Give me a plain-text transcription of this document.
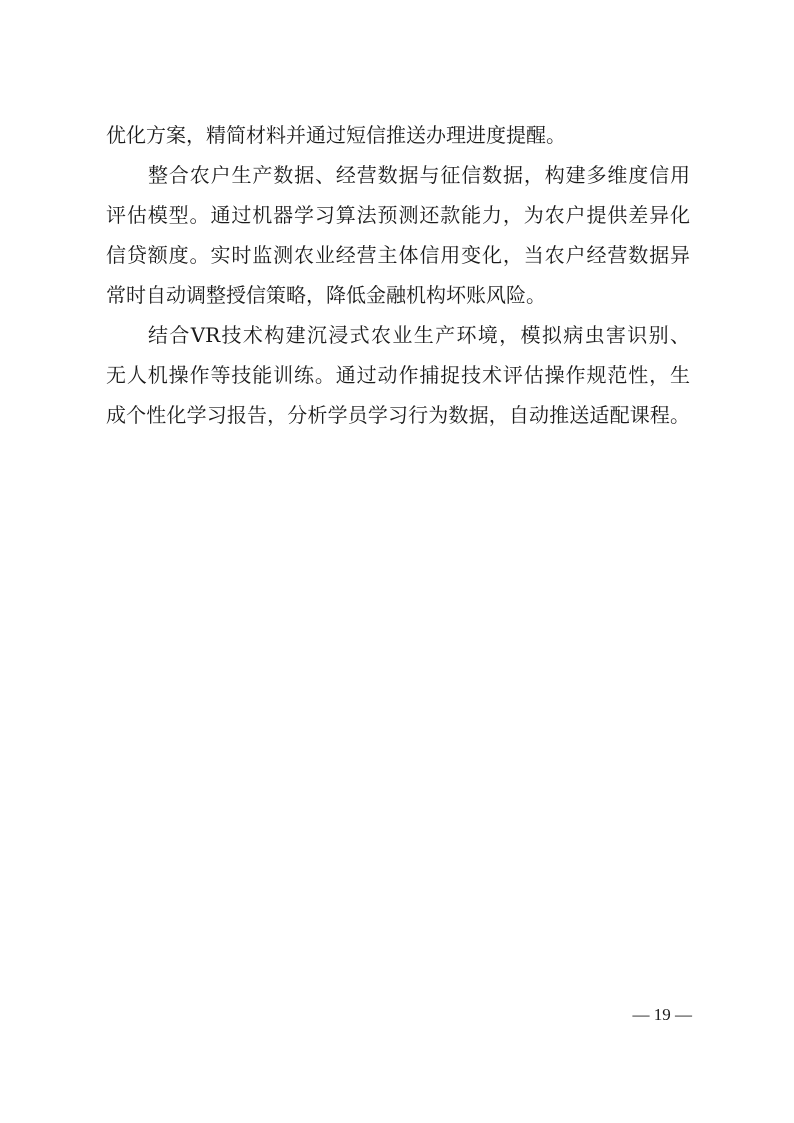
优化方案，精简材料并通过短信推送办理进度提醒。
整合农户生产数据、经营数据与征信数据，构建多维度信用
评估模型。通过机器学习算法预测还款能力，为农户提供差异化
信贷额度。实时监测农业经营主体信用变化，当农户经营数据异
常时自动调整授信策略，降低金融机构坏账风险。
结合VR技术构建沉浸式农业生产环境，模拟病虫害识别、
无人机操作等技能训练。通过动作捕捉技术评估操作规范性，生
成个性化学习报告，分析学员学习行为数据，自动推送适配课程。
— 19 —
